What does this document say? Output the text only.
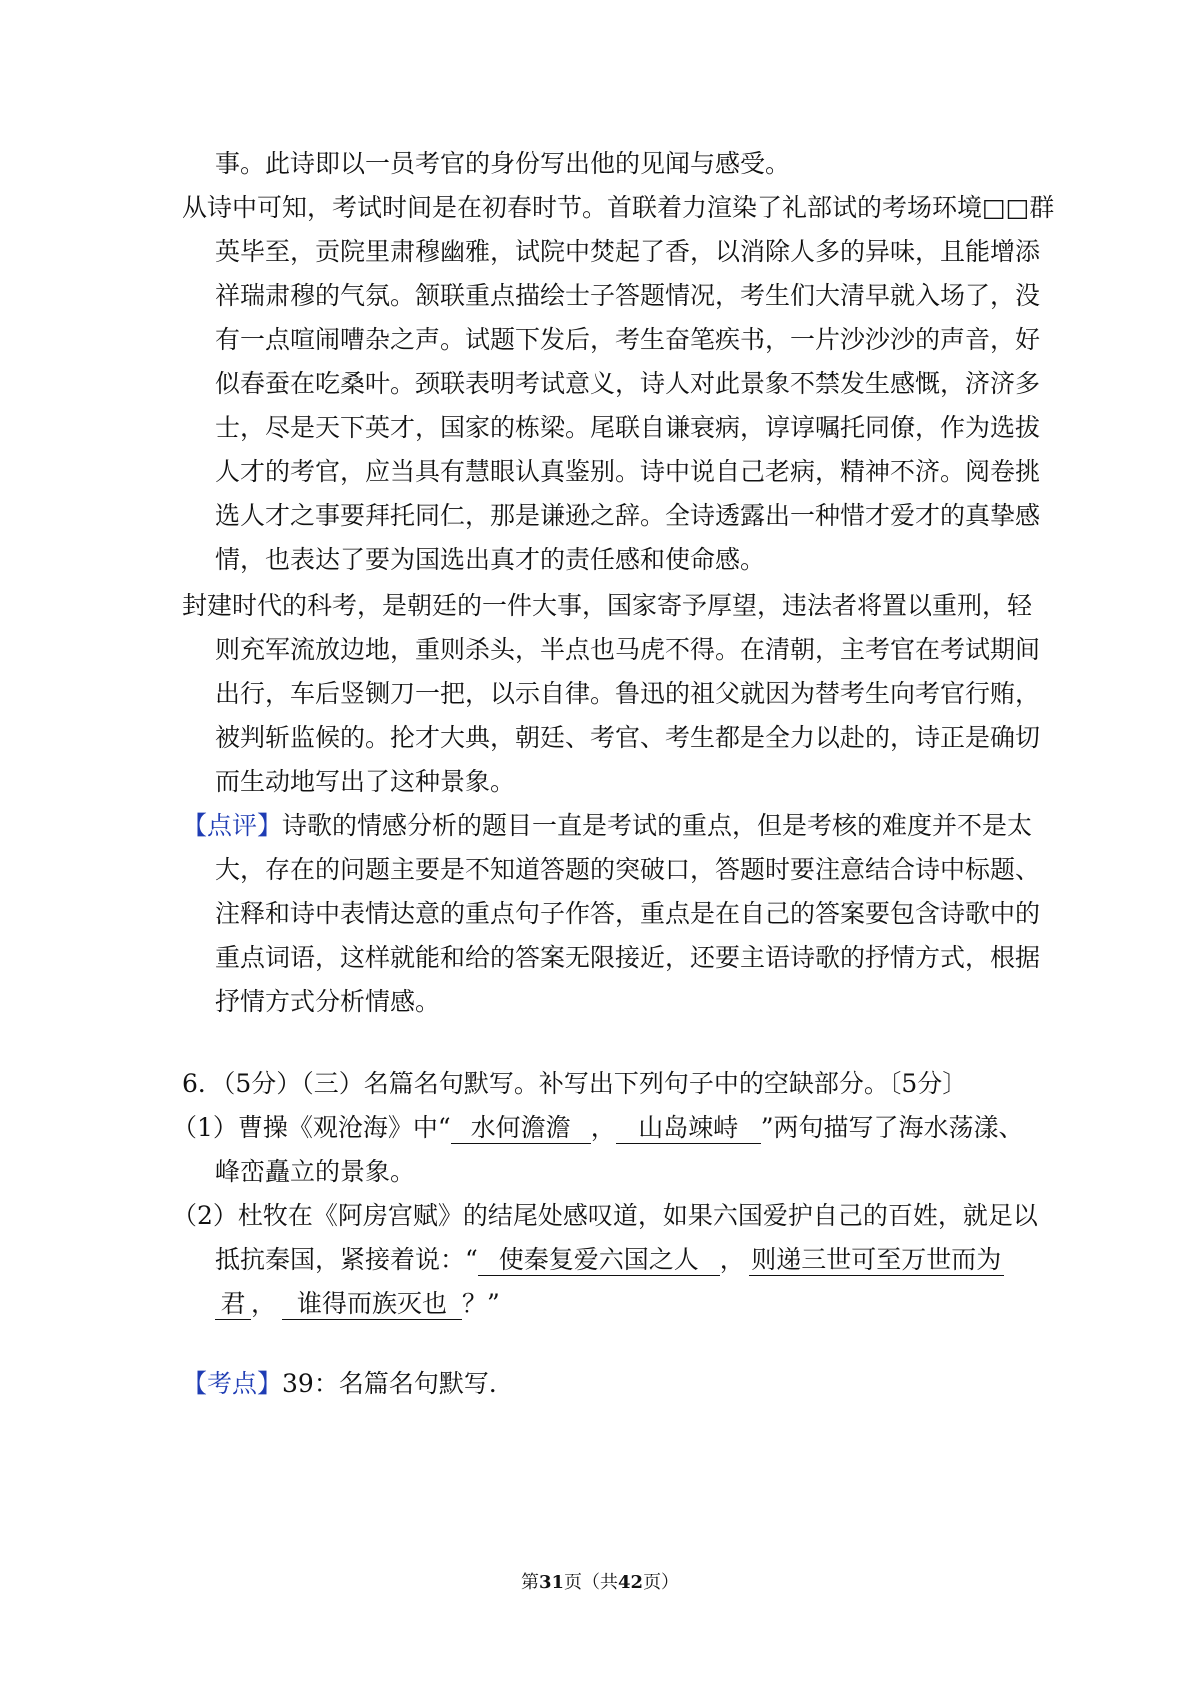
事。此诗即以一员考官的身份写出他的见闻与感受。
从诗中可知，考试时间是在初春时节。首联着力渲染了礼部试的考场环境□□群
英毕至，贡院里肃穆幽雅，试院中焚起了香，以消除人多的异味，且能增添
祥瑞肃穆的气氛。颔联重点描绘士子答题情况，考生们大清早就入场了，没
有一点喧闹嘈杂之声。试题下发后，考生奋笔疾书，一片沙沙沙的声音，好
似春蚕在吃桑叶。颈联表明考试意义，诗人对此景象不禁发生感慨，济济多
士，尽是天下英才，国家的栋梁。尾联自谦衰病，谆谆嘱托同僚，作为选拔
人才的考官，应当具有慧眼认真鉴别。诗中说自己老病，精神不济。阅卷挑
选人才之事要拜托同仁，那是谦逊之辞。全诗透露出一种惜才爱才的真挚感
情，也表达了要为国选出真才的责任感和使命感。
封建时代的科考，是朝廷的一件大事，国家寄予厚望，违法者将置以重刑，轻
则充军流放边地，重则杀头，半点也马虎不得。在清朝，主考官在考试期间
出行，车后竖铡刀一把，以示自律。鲁迅的祖父就因为替考生向考官行贿，
被判斩监候的。抡才大典，朝廷、考官、考生都是全力以赴的，诗正是确切
而生动地写出了这种景象。
【点评】诗歌的情感分析的题目一直是考试的重点，但是考核的难度并不是太
大，存在的问题主要是不知道答题的突破口，答题时要注意结合诗中标题、
注释和诗中表情达意的重点句子作答，重点是在自己的答案要包含诗歌中的
重点词语，这样就能和给的答案无限接近，还要主语诗歌的抒情方式，根据
抒情方式分析情感。
6．（5分）（三）名篇名句默写。补写出下列句子中的空缺部分。〔5分〕
（1）曹操《观沧海》中“ 水何澹澹 ， 山岛竦峙 ”两句描写了海水荡漾、
峰峦矗立的景象。
（2）杜牧在《阿房宫赋》的结尾处感叹道，如果六国爱护自己的百姓，就足以
抵抗秦国，紧接着说：“ 使秦复爱六国之人 ， 则递三世可至万世而为
君 ， 谁得而族灭也 ？”
【考点】39：名篇名句默写．
第31页（共42页）
